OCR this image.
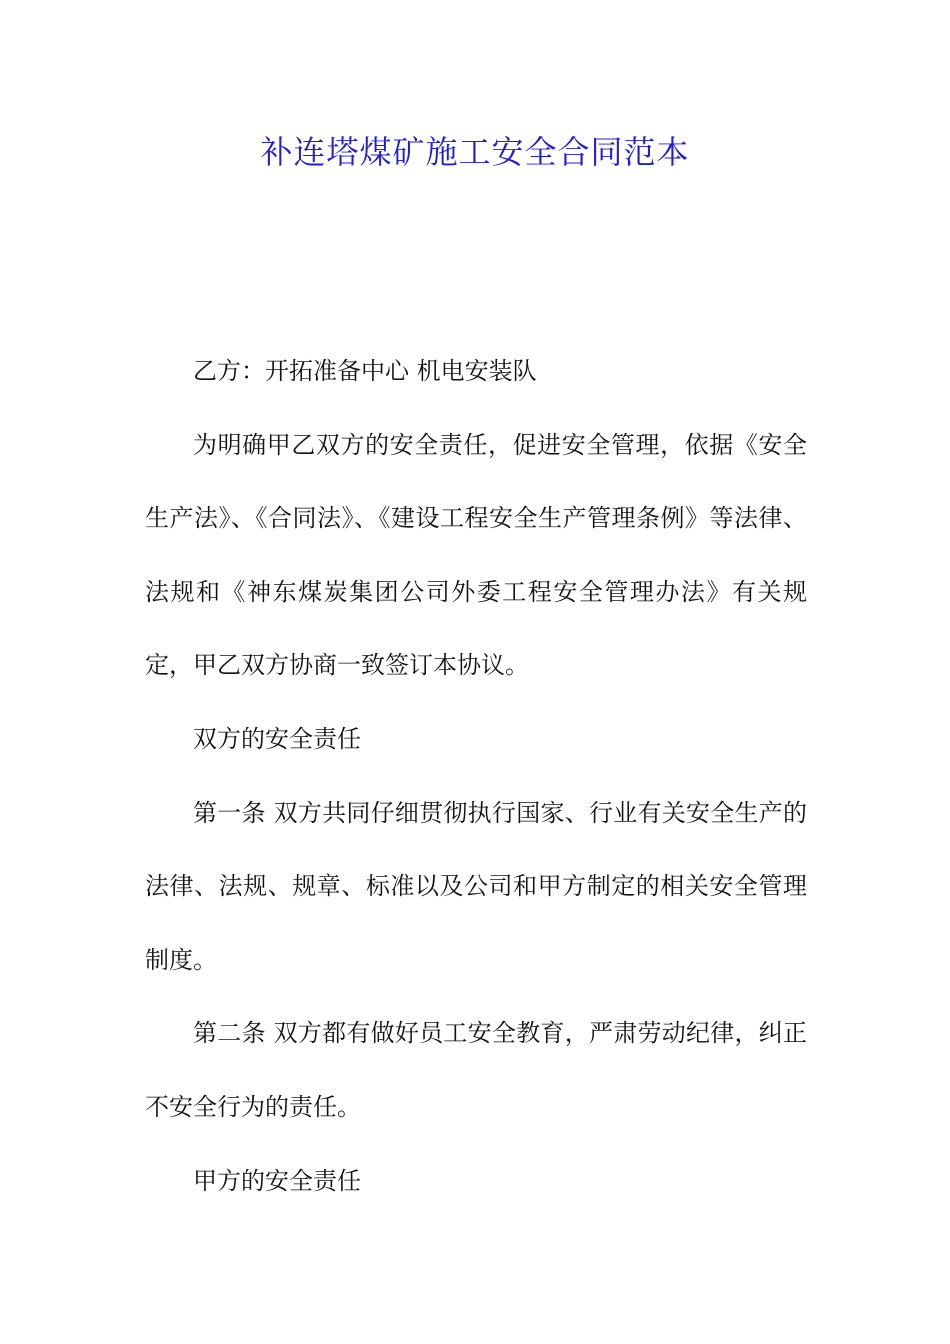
补连塔煤矿施工安全合同范本

乙方：开拓准备中心 机电安装队

为明确甲乙双方的安全责任，促进安全管理，依据《安全生产法》、《合同法》、《建设工程安全生产管理条例》等法律、法规和《神东煤炭集团公司外委工程安全管理办法》有关规定，甲乙双方协商一致签订本协议。

双方的安全责任

第一条 双方共同仔细贯彻执行国家、行业有关安全生产的法律、法规、规章、标准以及公司和甲方制定的相关安全管理制度。

第二条 双方都有做好员工安全教育，严肃劳动纪律，纠正不安全行为的责任。

甲方的安全责任
